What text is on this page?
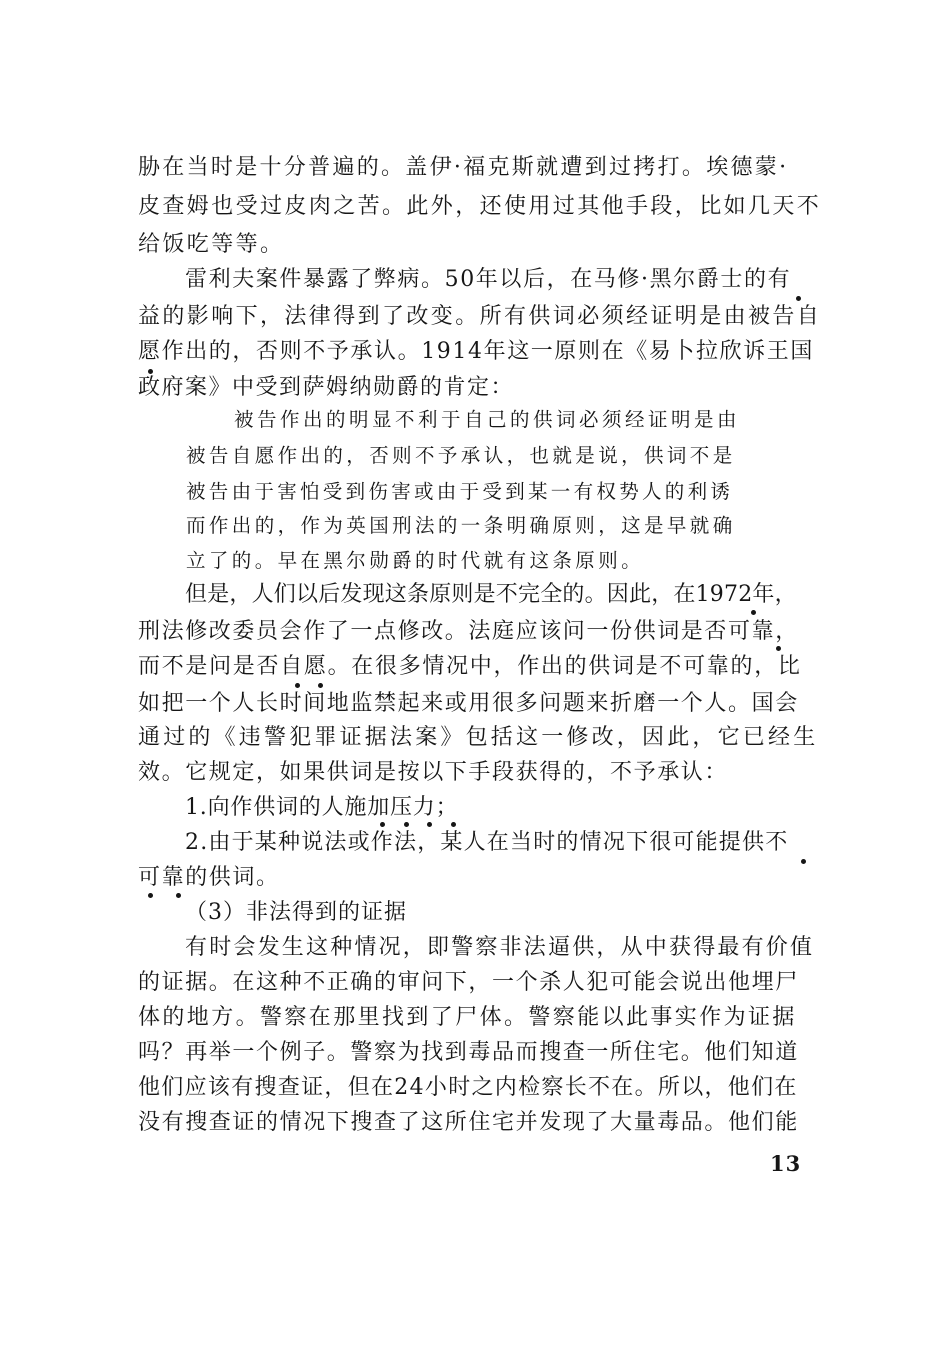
胁在当时是十分普遍的。盖伊·福克斯就遭到过拷打。埃德蒙·
皮查姆也受过皮肉之苦。此外，还使用过其他手段，比如几天不
给饭吃等等。
雷利夫案件暴露了弊病。50年以后，在马修·黑尔爵士的有
益的影响下，法律得到了改变。所有供词必须经证明是由被告自
愿作出的，否则不予承认。1914年这一原则在《易卜拉欣诉王国
政府案》中受到萨姆纳勋爵的肯定：
被告作出的明显不利于自己的供词必须经证明是由
被告自愿作出的，否则不予承认，也就是说，供词不是
被告由于害怕受到伤害或由于受到某一有权势人的利诱
而作出的，作为英国刑法的一条明确原则，这是早就确
立了的。早在黑尔勋爵的时代就有这条原则。
但是，人们以后发现这条原则是不完全的。因此，在1972年，
刑法修改委员会作了一点修改。法庭应该问一份供词是否可靠，
而不是问是否自愿。在很多情况中，作出的供词是不可靠的，比
如把一个人长时间地监禁起来或用很多问题来折磨一个人。国会
通过的《违警犯罪证据法案》包括这一修改，因此，它已经生
效。它规定，如果供词是按以下手段获得的，不予承认：
1.向作供词的人施加压力；
2.由于某种说法或作法，某人在当时的情况下很可能提供不
可靠的供词。
（3）非法得到的证据
有时会发生这种情况，即警察非法逼供，从中获得最有价值
的证据。在这种不正确的审问下，一个杀人犯可能会说出他埋尸
体的地方。警察在那里找到了尸体。警察能以此事实作为证据
吗？再举一个例子。警察为找到毒品而搜查一所住宅。他们知道
他们应该有搜查证，但在24小时之内检察长不在。所以，他们在
没有搜查证的情况下搜查了这所住宅并发现了大量毒品。他们能
13
